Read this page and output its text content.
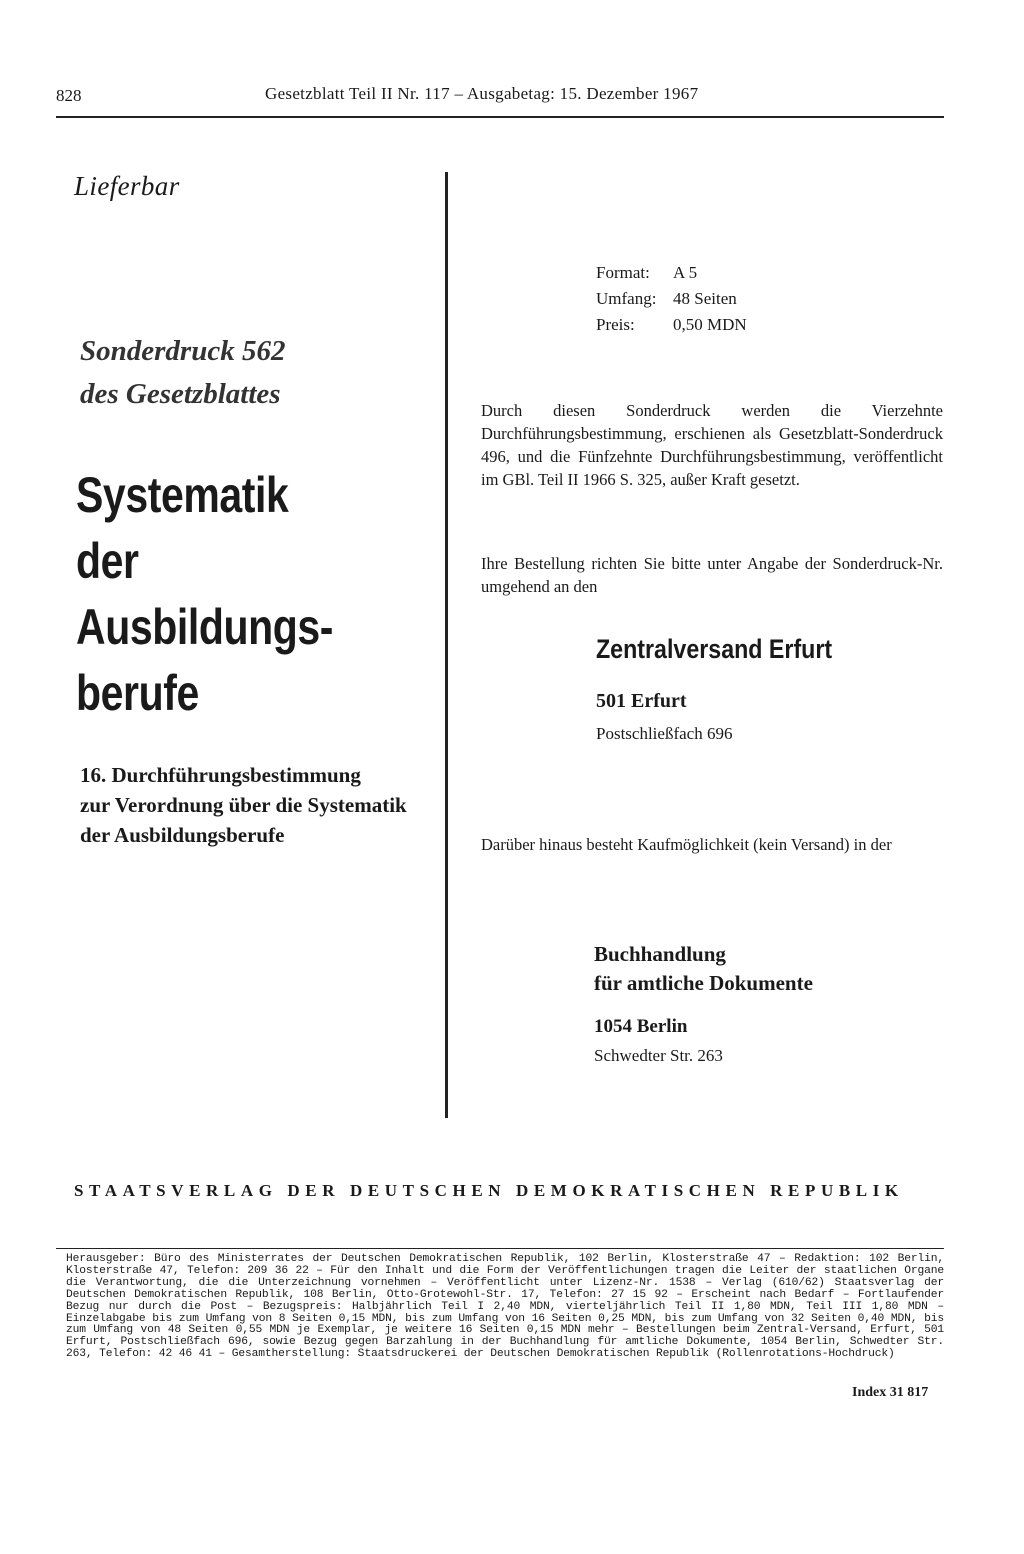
828	Gesetzblatt Teil II Nr. 117 – Ausgabetag: 15. Dezember 1967
Lieferbar
Sonderdruck 562
des Gesetzblattes
Systematik
der
Ausbildungs-
berufe
16. Durchführungsbestimmung
zur Verordnung über die Systematik
der Ausbildungsberufe
Format:	A 5
Umfang:	48 Seiten
Preis:	0,50 MDN
Durch diesen Sonderdruck werden die Vierzehnte Durchführungsbestimmung, erschienen als Gesetzblatt-Sonderdruck 496, und die Fünfzehnte Durchführungsbestimmung, veröffentlicht im GBl. Teil II 1966 S. 325, außer Kraft gesetzt.
Ihre Bestellung richten Sie bitte unter Angabe der Sonderdruck-Nr. umgehend an den
Zentralversand Erfurt
501 Erfurt
Postschließfach 696
Darüber hinaus besteht Kaufmöglichkeit (kein Versand) in der
Buchhandlung
für amtliche Dokumente
1054 Berlin
Schwedter Str. 263
STAATSVERLAG DER DEUTSCHEN DEMOKRATISCHEN REPUBLIK
Herausgeber: Büro des Ministerrates der Deutschen Demokratischen Republik, 102 Berlin, Klosterstraße 47 – Redaktion: 102 Berlin, Klosterstraße 47, Telefon: 209 36 22 – Für den Inhalt und die Form der Veröffentlichungen tragen die Leiter der staatlichen Organe die Verantwortung, die die Unterzeichnung vornehmen – Veröffentlicht unter Lizenz-Nr. 1538 – Verlag (610/62) Staatsverlag der Deutschen Demokratischen Republik, 108 Berlin, Otto-Grotewohl-Str. 17, Telefon: 27 15 92 – Erscheint nach Bedarf – Fortlaufender Bezug nur durch die Post – Bezugspreis: Halbjährlich Teil I 2,40 MDN, vierteljährlich Teil II 1,80 MDN, Teil III 1,80 MDN – Einzelabgabe bis zum Umfang von 8 Seiten 0,15 MDN, bis zum Umfang von 16 Seiten 0,25 MDN, bis zum Umfang von 32 Seiten 0,40 MDN, bis zum Umfang von 48 Seiten 0,55 MDN je Exemplar, je weitere 16 Seiten 0,15 MDN mehr – Bestellungen beim Zentral-Versand, Erfurt, 501 Erfurt, Postschließfach 696, sowie Bezug gegen Barzahlung in der Buchhandlung für amtliche Dokumente, 1054 Berlin, Schwedter Str. 263, Telefon: 42 46 41 – Gesamtherstellung: Staatsdruckerei der Deutschen Demokratischen Republik (Rollenrotations-Hochdruck)
Index 31 817
